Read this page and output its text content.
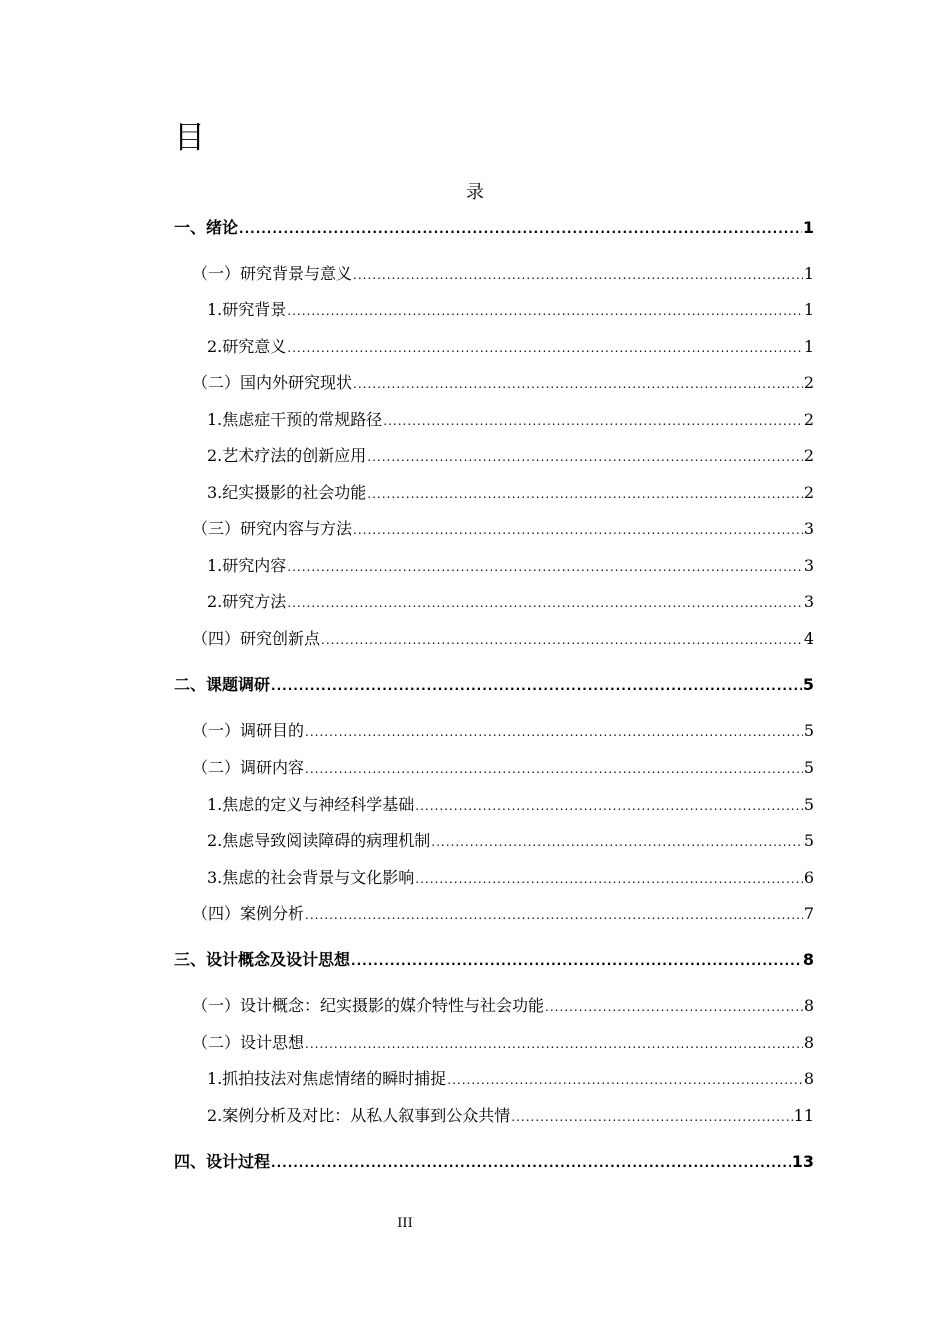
目
录
一、绪论 .....	1
（一）研究背景与意义 .....	1
1.研究背景 .....	1
2.研究意义 .....	1
（二）国内外研究现状 .....	2
1.焦虑症干预的常规路径 .....	2
2.艺术疗法的创新应用 .....	2
3.纪实摄影的社会功能 .....	2
（三）研究内容与方法 .....	3
1.研究内容 .....	3
2.研究方法 .....	3
（四）研究创新点 .....	4
二、课题调研 .....	5
（一）调研目的 .....	5
（二）调研内容 .....	5
1.焦虑的定义与神经科学基础 .....	5
2.焦虑导致阅读障碍的病理机制 .....	5
3.焦虑的社会背景与文化影响 .....	6
（四）案例分析 .....	7
三、设计概念及设计思想 .....	8
（一）设计概念：纪实摄影的媒介特性与社会功能 .....	8
（二）设计思想 .....	8
1.抓拍技法对焦虑情绪的瞬时捕捉 .....	8
2.案例分析及对比：从私人叙事到公众共情 .....	11
四、设计过程 .....	13
III
